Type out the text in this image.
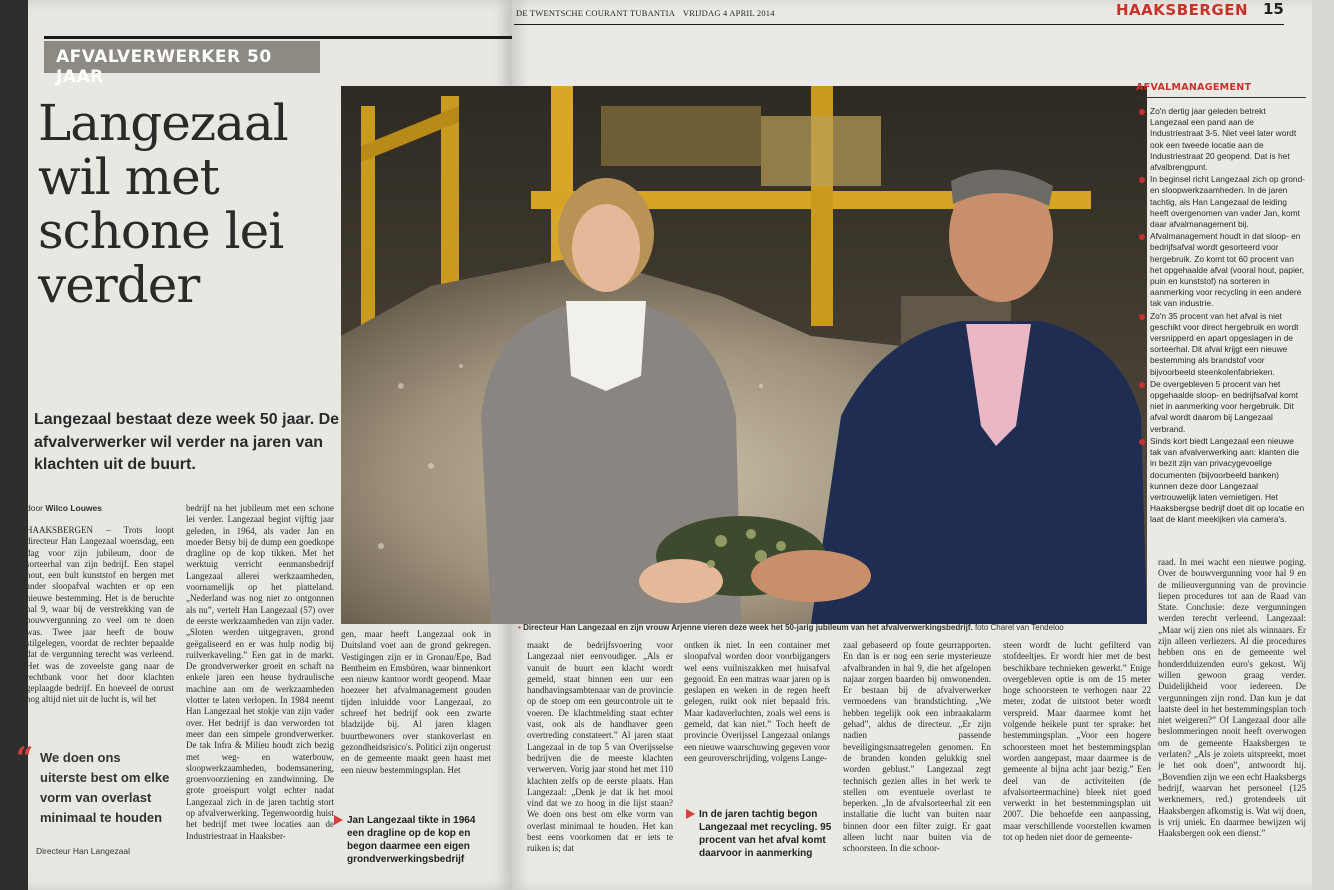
DE TWENTSCHE COURANT TUBANTIA VRIJDAG 4 APRIL 2014	HAAKSBERGEN 15
AFVALVERWERKER 50 JAAR
Langezaal wil met schone lei verder
Langezaal bestaat deze week 50 jaar. De afvalverwerker wil verder na jaren van klachten uit de buurt.
door Wilco Louwes
HAAKSBERGEN – Trots loopt directeur Han Langezaal woensdag, een dag voor zijn jubileum, door de sorteerhal van zijn bedrijf. Een stapel hout, een bult kunststof en bergen met ander sloopafval wachten er op een nieuwe bestemming. Het is de beruchte hal 9, waar bij de verstrekking van de bouwvergunning zo veel om te doen was. Twee jaar heeft de bouw stilgelegen, voordat de rechter bepaalde dat de vergunning terecht was verleend. Het was de zoveelste gang naar de rechtbank voor het door klachten geplaagde bedrijf. En hoeveel de onrust nog altijd niet uit de lucht is, wil het
bedrijf na het jubileum met een schone lei verder. Langezaal begint vijftig jaar geleden, in 1964, als vader Jan en moeder Betsy bij de dump een goedkope dragline op de kop tikken. Met het werktuig verricht eenmansbedrijf Langezaal allerei werkzaamheden, voornamelijk op het platteland. „Nederland was nog niet zo ontgonnen als nu”, vertelt Han Langezaal (57) over de eerste werkzaamheden van zijn vader. „Sloten werden uitgegraven, grond geëgaliseerd en er was hulp nodig bij ruilverkaveling.” Een gat in de markt. De grondverwerker groeit en schaft na enkele jaren een heuse hydraulische machine aan om de werkzaamheden vlotter te laten verlopen. In 1984 neemt Han Langezaal het stokje van zijn vader over. Het bedrijf is dan verworden tot meer dan een simpele grondverwerker. De tak Infra & Milieu houdt zich bezig met weg- en waterbouw, sloopwerkzaamheden, bodemsanering, groenvoorziening en zandwinning. De grote groeispurt volgt echter nadat Langezaal zich in de jaren tachtig stort op afvalverwerking. Tegenwoordig huist het bedrijf met twee locaties aan de Industriestraat in Haaksber-
gen, maar heeft Langezaal ook in Duitsland voet aan de grond gekregen. Vestigingen zijn er in Gronau/Epe, Bad Bentheim en Emsbüren, waar binnenkort een nieuw kantoor wordt geopend. Maar hoezeer het afvalmanagement gouden tijden inluidde voor Langezaal, zo schreef het bedrijf ook een zwarte bladzijde bij. Al jaren klagen buurtbewoners over stankoverlast en gezondheidsrisico's. Politici zijn ongerust en de gemeente maakt geen haast met een nieuw bestemmingsplan. Het
maakt de bedrijfsvoering voor Langezaal niet eenvoudiger. „Als er vanuit de buurt een klacht wordt gemeld, staat binnen een uur een handhavingsambtenaar van de provincie op de stoep om een geurcontrole uit te voeren. De klachtmelding staat echter vast, ook als de handhaver geen overtreding constateert.” Al jaren staat Langezaal in de top 5 van Overijsselse bedrijven die de meeste klachten verwerven. Vorig jaar stond het met 110 klachten zelfs op de eerste plaats. Han Langezaal: „Denk je dat ik het mooi vind dat we zo hoog in die lijst staan? We doen ons best om elke vorm van overlast minimaal te houden. Het kan best eens voorkomen dat er iets te ruiken is; dat
ontken ik niet. In een container met sloopafval worden door voorbijgangers wel eens vuilniszakken met huisafval gegooid. En een matras waar jaren op is geslapen en weken in de regen heeft gelegen, ruikt ook niet bepaald fris. Maar kadaverluchten, zoals wel eens is gemeld, dat kan niet.” Toch heeft de provincie Overijssel Langezaal onlangs een nieuwe waarschuwing gegeven voor een geuroverschrijding, volgens Lange-
zaal gebaseerd op foute geurrapporten. En dan is er nog een serie mysterieuze afvalbranden in hal 9, die het afgelopen najaar zorgen baarden bij omwonenden. Er bestaan bij de afvalverwerker vermoedens van brandstichting. „We hebben tegelijk ook een inbraakalarm gehad”, aldus de directeur. „Er zijn nadien passende beveiligingsmaatregelen genomen. En de branden konden gelukkig snel worden geblust.” Langezaal zegt technisch gezien alles in het werk te stellen om eventuele overlast te beperken. „In de afvalsorteerhal zit een installatie die lucht van buiten naar binnen door een filter zuigt. Er gaat alleen lucht naar buiten via de schoorsteen. In die schoor-
steen wordt de lucht gefilterd van stofdeeltjes. Er wordt hier met de best beschikbare technieken gewerkt.” Enige overgebleven optie is om de 15 meter hoge schoorsteen te verhogen naar 22 meter, zodat de uitstoot beter wordt verspreid. Maar daarmee komt het volgende heikele punt ter sprake: het bestemmingsplan. „Voor een hogere schoorsteen moet het bestemmingsplan worden aangepast, maar daarmee is de gemeente al bijna acht jaar bezig.” Een deel van de activiteiten (de afvalsorteermachine) bleek niet goed verwerkt in het bestemmingsplan uit 2007. Die behoefde een aanpassing, maar verschillende voorstellen kwamen tot op heden niet door de gemeente-
raad. In mei wacht een nieuwe poging. Over de bouwvergunning voor hal 9 en de milieuvergunning van de provincie liepen procedures tot aan de Raad van State. Conclusie: deze vergunningen werden terecht verleend. Langezaal: „Maar wij zien ons niet als winnaars. Er zijn alleen verliezers. Al die procedures hebben ons en de gemeente wel honderdduizenden euro's gekost. Wij willen gewoon graag verder. Duidelijkheid voor iedereen. De vergunningen zijn rond. Dan kun je dat laatste deel in het bestemmingsplan toch niet weigeren?” Of Langezaal door alle beslommeringen nooit heeft overwogen om de gemeente Haaksbergen te verlaten? „Als je zoiets uitspreekt, moet je het ook doen”, antwoordt hij. „Bovendien zijn we een echt Haaksbergs bedrijf, waarvan het personeel (125 werknemers, red.) grotendeels uit Haaksbergen afkomstig is. Wat wij doen, is vrij uniek. En daarmee bewijzen wij Haaksbergen ook een dienst.”
“ We doen ons uiterste best om elke vorm van overlast minimaal te houden
Directeur Han Langezaal
Jan Langezaal tikte in 1964 een dragline op de kop en begon daarmee een eigen grondverwerkingsbedrijf
In de jaren tachtig begon Langezaal met recycling. 95 procent van het afval komt daarvoor in aanmerking
▪ Directeur Han Langezaal en zijn vrouw Arjenne vieren deze week het 50-jarig jubileum van het afvalverwerkingsbedrijf. foto Charel van Tendeloo
AFVALMANAGEMENT
Zo'n dertig jaar geleden betrekt Langezaal een pand aan de Industriestraat 3-5. Niet veel later wordt ook een tweede locatie aan de Industriestraat 20 geopend. Dat is het afvalbrengpunt.
In beginsel richt Langezaal zich op grond- en sloopwerkzaamheden. In de jaren tachtig, als Han Langezaal de leiding heeft overgenomen van vader Jan, komt daar afvalmanagement bij.
Afvalmanagement houdt in dat sloop- en bedrijfsafval wordt gesorteerd voor hergebruik. Zo komt tot 60 procent van het opgehaalde afval (vooral hout, papier, puin en kunststof) na sorteren in aanmerking voor recycling in een andere tak van industrie.
Zo'n 35 procent van het afval is niet geschikt voor direct hergebruik en wordt versnipperd en apart opgeslagen in de sorteerhal. Dit afval krijgt een nieuwe bestemming als brandstof voor bijvoorbeeld steenkolenfabrieken.
De overgebleven 5 procent van het opgehaalde sloop- en bedrijfsafval komt niet in aanmerking voor hergebruik. Dit afval wordt daarom bij Langezaal verbrand.
Sinds kort biedt Langezaal een nieuwe tak van afvalverwerking aan: klanten die in bezit zijn van privacygevoelige documenten (bijvoorbeeld banken) kunnen deze door Langezaal vertrouwelijk laten vernietigen. Het Haaksbergse bedrijf doet dit op locatie en laat de klant meekijken via camera's.
